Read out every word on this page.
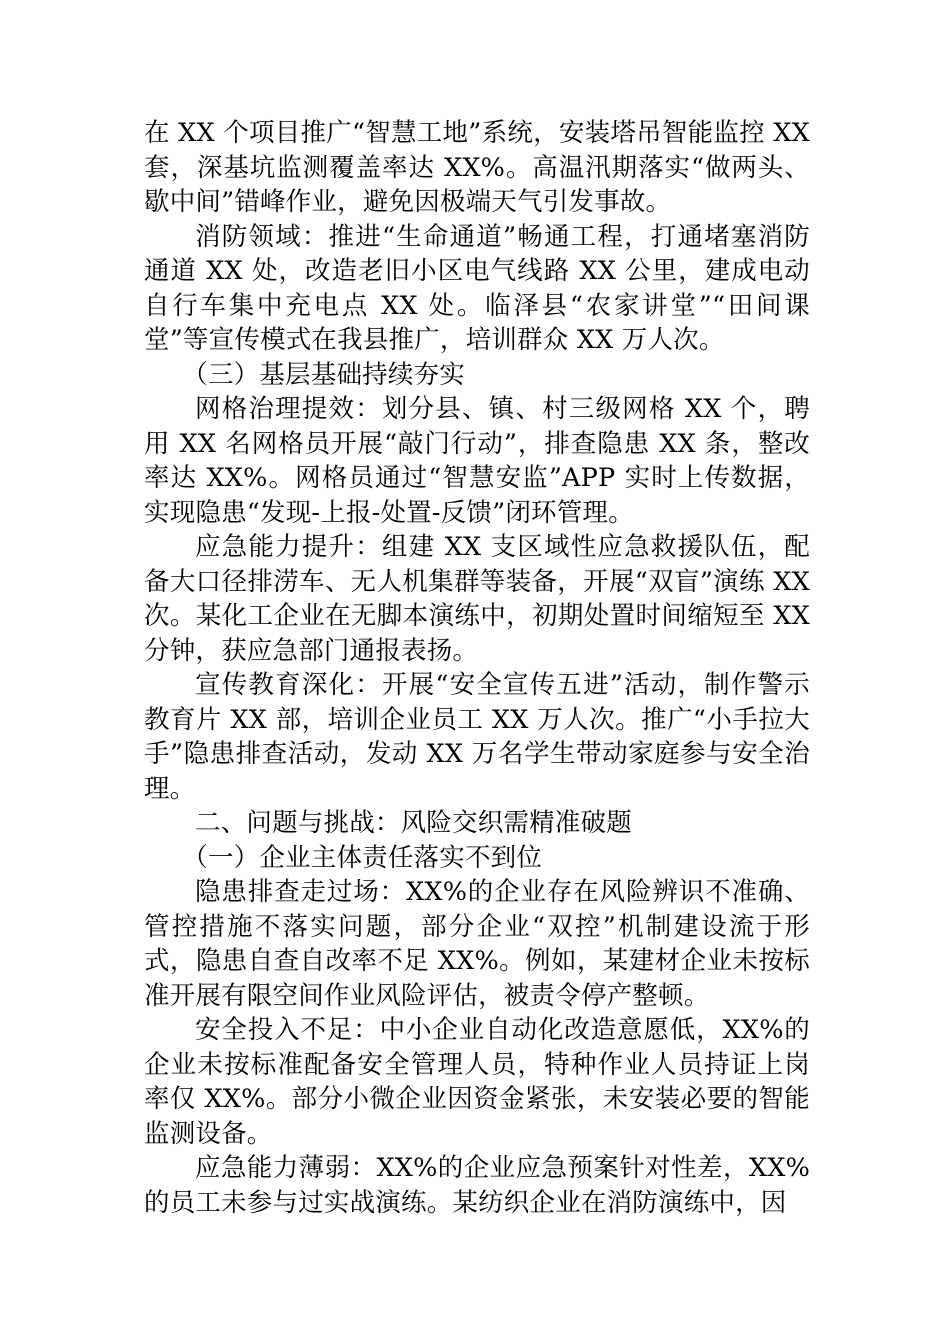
在 XX 个项目推广“智慧工地”系统，安装塔吊智能监控 XX 套，深基坑监测覆盖率达 XX%。高温汛期落实“做两头、歇中间”错峰作业，避免因极端天气引发事故。

消防领域：推进“生命通道”畅通工程，打通堵塞消防通道 XX 处，改造老旧小区电气线路 XX 公里，建成电动自行车集中充电点 XX 处。临泽县“农家讲堂”“田间课堂”等宣传模式在我县推广，培训群众 XX 万人次。

（三）基层基础持续夯实

网格治理提效：划分县、镇、村三级网格 XX 个，聘用 XX 名网格员开展“敲门行动”，排查隐患 XX 条，整改率达 XX%。网格员通过“智慧安监”APP 实时上传数据，实现隐患“发现-上报-处置-反馈”闭环管理。

应急能力提升：组建 XX 支区域性应急救援队伍，配备大口径排涝车、无人机集群等装备，开展“双盲”演练 XX 次。某化工企业在无脚本演练中，初期处置时间缩短至 XX 分钟，获应急部门通报表扬。

宣传教育深化：开展“安全宣传五进”活动，制作警示教育片 XX 部，培训企业员工 XX 万人次。推广“小手拉大手”隐患排查活动，发动 XX 万名学生带动家庭参与安全治理。

二、问题与挑战：风险交织需精准破题

（一）企业主体责任落实不到位

隐患排查走过场：XX%的企业存在风险辨识不准确、管控措施不落实问题，部分企业“双控”机制建设流于形式，隐患自查自改率不足 XX%。例如，某建材企业未按标准开展有限空间作业风险评估，被责令停产整顿。

安全投入不足：中小企业自动化改造意愿低，XX%的企业未按标准配备安全管理人员，特种作业人员持证上岗率仅 XX%。部分小微企业因资金紧张，未安装必要的智能监测设备。

应急能力薄弱：XX%的企业应急预案针对性差，XX%的员工未参与过实战演练。某纺织企业在消防演练中，因
